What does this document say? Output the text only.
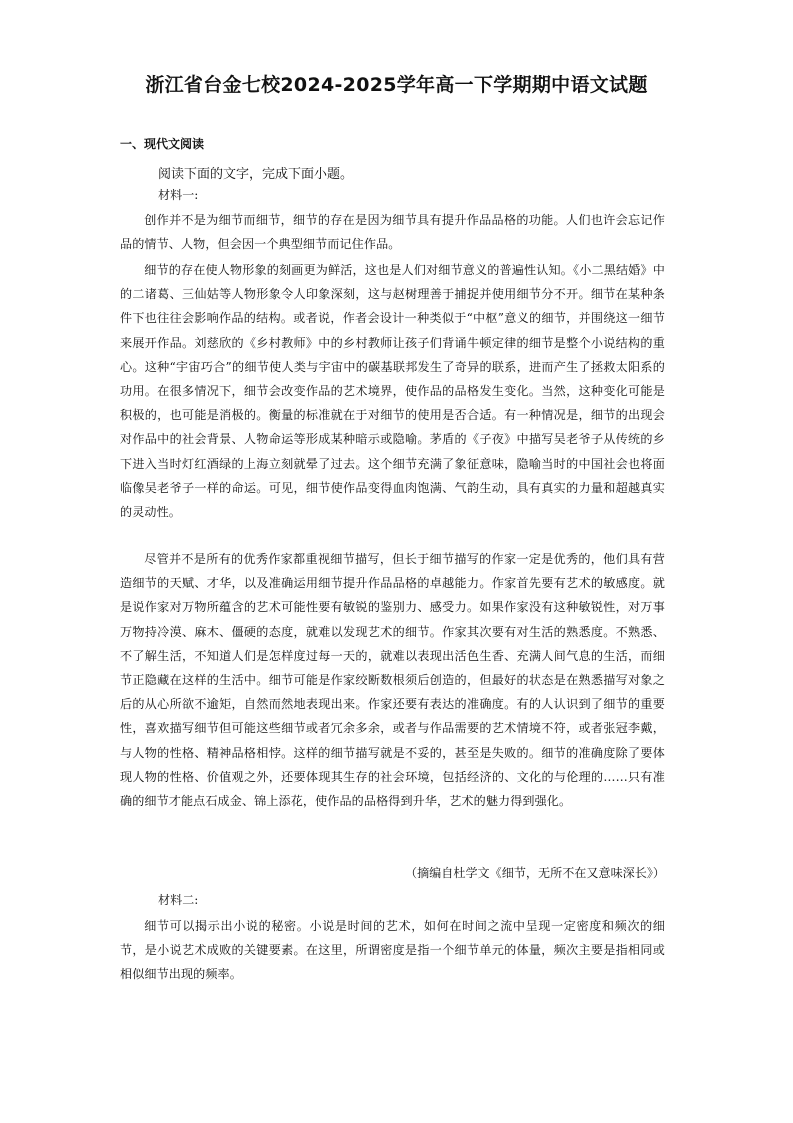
浙江省台金七校2024-2025学年高一下学期期中语文试题
一、现代文阅读
阅读下面的文字，完成下面小题。
材料一:

创作并不是为细节而细节，细节的存在是因为细节具有提升作品品格的功能。人们也许会忘记作品的情节、人物，但会因一个典型细节而记住作品。

细节的存在使人物形象的刻画更为鲜活，这也是人们对细节意义的普遍性认知。《小二黑结婚》中的二诸葛、三仙姑等人物形象令人印象深刻，这与赵树理善于捕捉并使用细节分不开。细节在某种条件下也往往会影响作品的结构。或者说，作者会设计一种类似于“中枢”意义的细节，并围绕这一细节来展开作品。刘慈欣的《乡村教师》中的乡村教师让孩子们背诵牛顿定律的细节是整个小说结构的重心。这种“宇宙巧合”的细节使人类与宇宙中的碳基联邦发生了奇异的联系，进而产生了拯救太阳系的功用。在很多情况下，细节会改变作品的艺术境界，使作品的品格发生变化。当然，这种变化可能是积极的，也可能是消极的。衡量的标准就在于对细节的使用是否合适。有一种情况是，细节的出现会对作品中的社会背景、人物命运等形成某种暗示或隐喻。茅盾的《子夜》中描写吴老爷子从传统的乡下进入当时灯红酒绿的上海立刻就晕了过去。这个细节充满了象征意味，隐喻当时的中国社会也将面临像吴老爷子一样的命运。可见，细节使作品变得血肉饱满、气韵生动，具有真实的力量和超越真实的灵动性。

尽管并不是所有的优秀作家都重视细节描写，但长于细节描写的作家一定是优秀的，他们具有营造细节的天赋、才华，以及准确运用细节提升作品品格的卓越能力。作家首先要有艺术的敏感度。就是说作家对万物所蕴含的艺术可能性要有敏锐的鉴别力、感受力。如果作家没有这种敏锐性，对万事万物持冷漠、麻木、僵硬的态度，就难以发现艺术的细节。作家其次要有对生活的熟悉度。不熟悉、不了解生活，不知道人们是怎样度过每一天的，就难以表现出活色生香、充满人间气息的生活，而细节正隐藏在这样的生活中。细节可能是作家绞断数根须后创造的，但最好的状态是在熟悉描写对象之后的从心所欲不逾矩，自然而然地表现出来。作家还要有表达的准确度。有的人认识到了细节的重要性，喜欢描写细节但可能这些细节或者冗余多余，或者与作品需要的艺术情境不符，或者张冠李戴，与人物的性格、精神品格相悖。这样的细节描写就是不妥的，甚至是失败的。细节的准确度除了要体现人物的性格、价值观之外，还要体现其生存的社会环境，包括经济的、文化的与伦理的……只有准确的细节才能点石成金、锦上添花，使作品的品格得到升华，艺术的魅力得到强化。

（摘编自杜学文《细节，无所不在又意味深长》）
材料二:

细节可以揭示出小说的秘密。小说是时间的艺术，如何在时间之流中呈现一定密度和频次的细节，是小说艺术成败的关键要素。在这里，所谓密度是指一个细节单元的体量，频次主要是指相同或相似细节出现的频率。
